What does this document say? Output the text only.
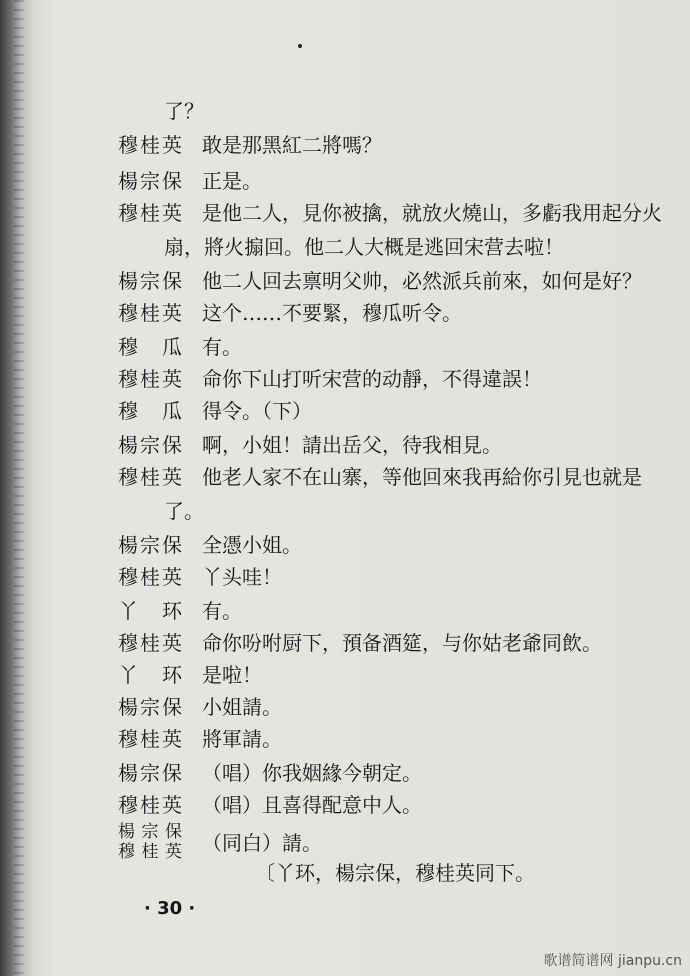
了？
穆桂英 敢是那黑紅二將嗎？
楊宗保 正是。
穆桂英 是他二人，見你被擒，就放火燒山，多虧我用起分火
扇，將火搧回。他二人大概是逃回宋营去啦！
楊宗保 他二人回去禀明父帅，必然派兵前來，如何是好？
穆桂英 这个……不要緊，穆瓜听令。
穆瓜 有。
穆桂英 命你下山打听宋营的动靜，不得違誤！
穆瓜 得令。（下）
楊宗保 啊，小姐！請出岳父，待我相見。
穆桂英 他老人家不在山寨，等他回來我再給你引見也就是
了。
楊宗保 全憑小姐。
穆桂英 丫头哇！
丫环 有。
穆桂英 命你吩咐厨下，預备酒筵，与你姑老爺同飲。
丫环 是啦！
楊宗保 小姐請。
穆桂英 將軍請。
楊宗保 （唱）你我姻緣今朝定。
穆桂英 （唱）且喜得配意中人。
楊宗保
穆桂英 （同白）請。
〔丫环，楊宗保，穆桂英同下。
· 30 ·
歌谱简谱网 jianpu.cn
